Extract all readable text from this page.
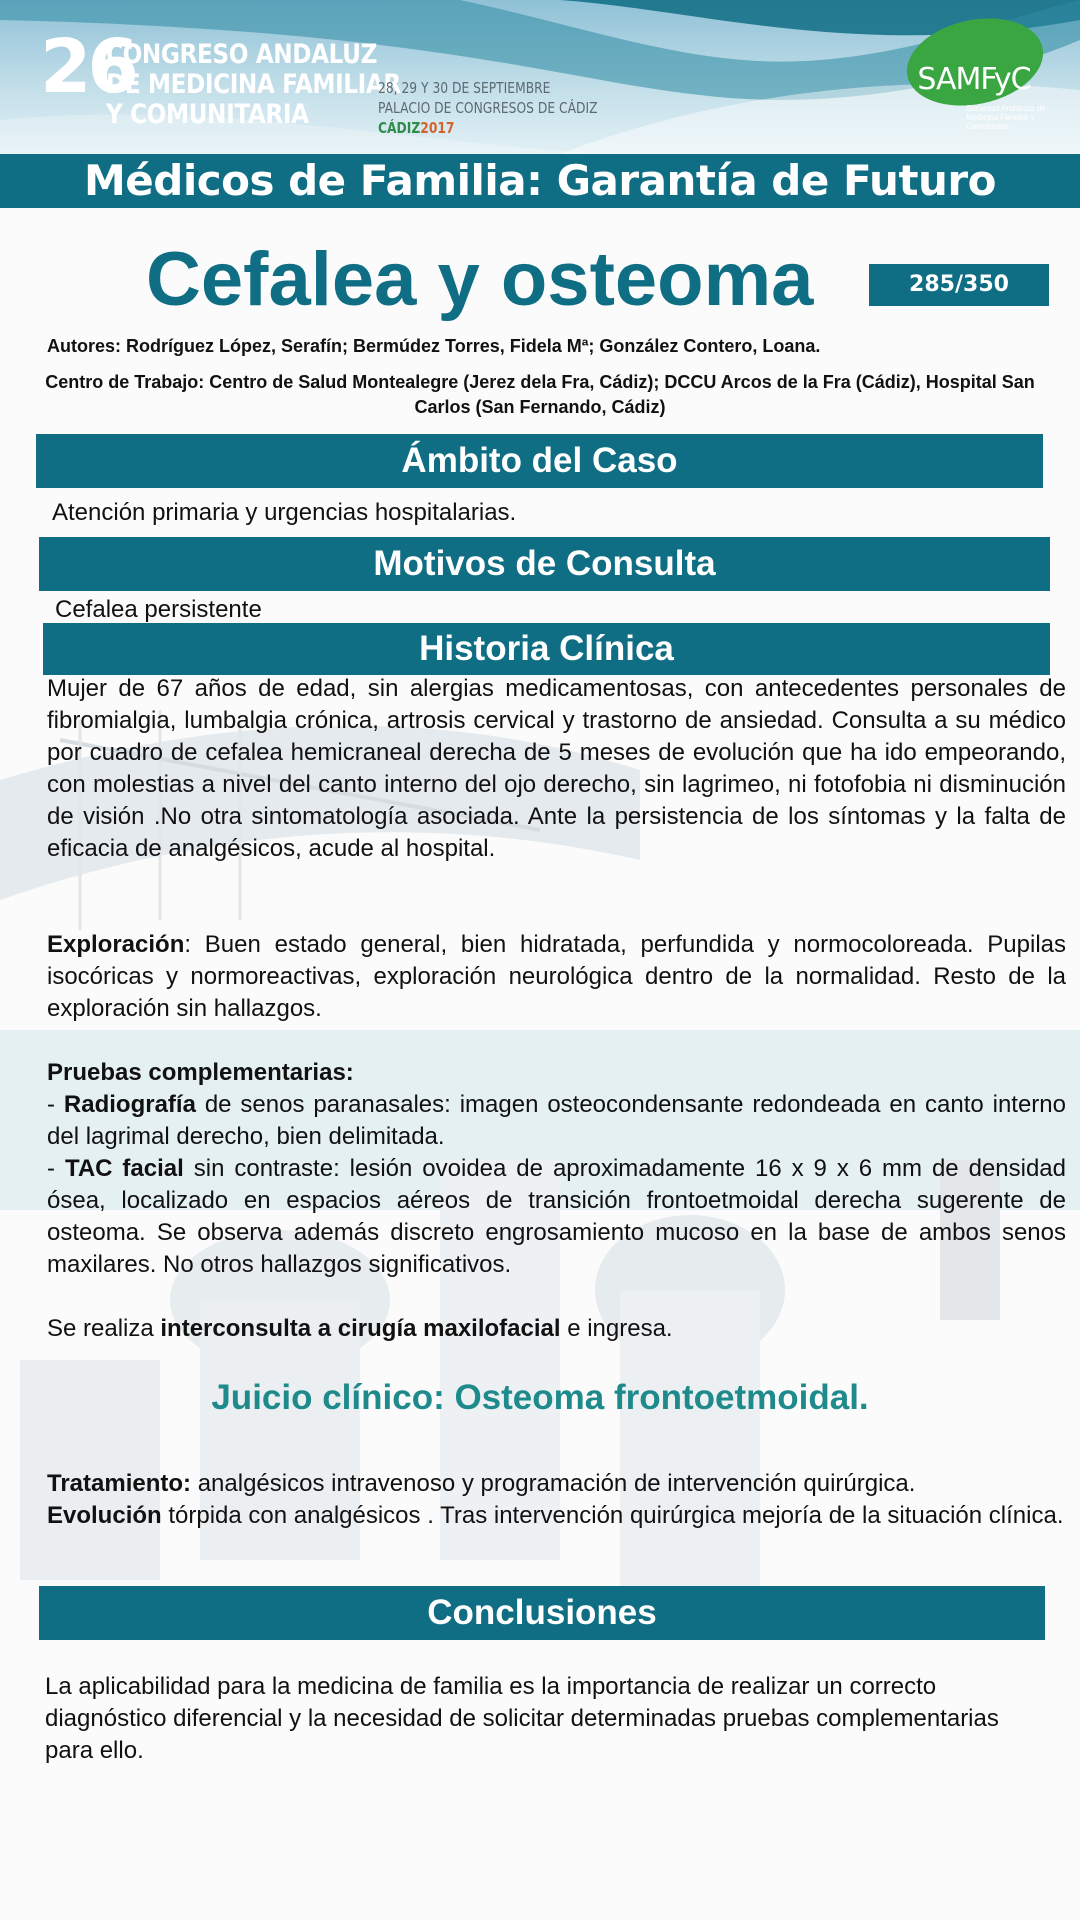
26
CONGRESO ANDALUZ
DE MEDICINA FAMILIAR
Y COMUNITARIA
28, 29 Y 30 DE SEPTIEMBRE
PALACIO DE CONGRESOS DE CÁDIZ
CÁDIZ2017
SAMFyC
Sociedad Andaluza de Medicina Familiar y Comunitaria
Médicos de Familia: Garantía de Futuro
Cefalea y osteoma	285/350
Autores: Rodríguez López, Serafín; Bermúdez Torres, Fidela Mª; González Contero, Loana.
Centro de Trabajo: Centro de Salud Montealegre (Jerez dela Fra, Cádiz); DCCU Arcos de la Fra (Cádiz), Hospital San Carlos (San Fernando, Cádiz)
Ámbito del Caso
Atención primaria y urgencias hospitalarias.
Motivos de Consulta
Cefalea persistente
Historia Clínica
Mujer de 67 años de edad, sin alergias medicamentosas, con antecedentes personales de fibromialgia, lumbalgia crónica, artrosis cervical y trastorno de ansiedad. Consulta a su médico por cuadro de cefalea hemicraneal derecha de 5 meses de evolución que ha ido empeorando, con molestias a nivel del canto interno del ojo derecho, sin lagrimeo, ni fotofobia ni disminución de visión .No otra sintomatología asociada. Ante la persistencia de los síntomas y la falta de eficacia de analgésicos, acude al hospital.
Exploración: Buen estado general, bien hidratada, perfundida y normocoloreada. Pupilas isocóricas y normoreactivas, exploración neurológica dentro de la normalidad. Resto de la exploración sin hallazgos.
Pruebas complementarias:
- Radiografía de senos paranasales: imagen osteocondensante redondeada en canto interno del lagrimal derecho, bien delimitada.
- TAC facial sin contraste: lesión ovoidea de aproximadamente 16 x 9 x 6 mm de densidad ósea, localizado en espacios aéreos de transición frontoetmoidal derecha sugerente de osteoma. Se observa además discreto engrosamiento mucoso en la base de ambos senos maxilares. No otros hallazgos significativos.
Se realiza interconsulta a cirugía maxilofacial e ingresa.
Juicio clínico: Osteoma frontoetmoidal.
Tratamiento: analgésicos intravenoso y programación de intervención quirúrgica.
Evolución tórpida con analgésicos . Tras intervención quirúrgica mejoría de la situación clínica.
Conclusiones
La aplicabilidad para la medicina de familia es la importancia de realizar un correcto diagnóstico diferencial y la necesidad de solicitar determinadas pruebas complementarias para ello.
